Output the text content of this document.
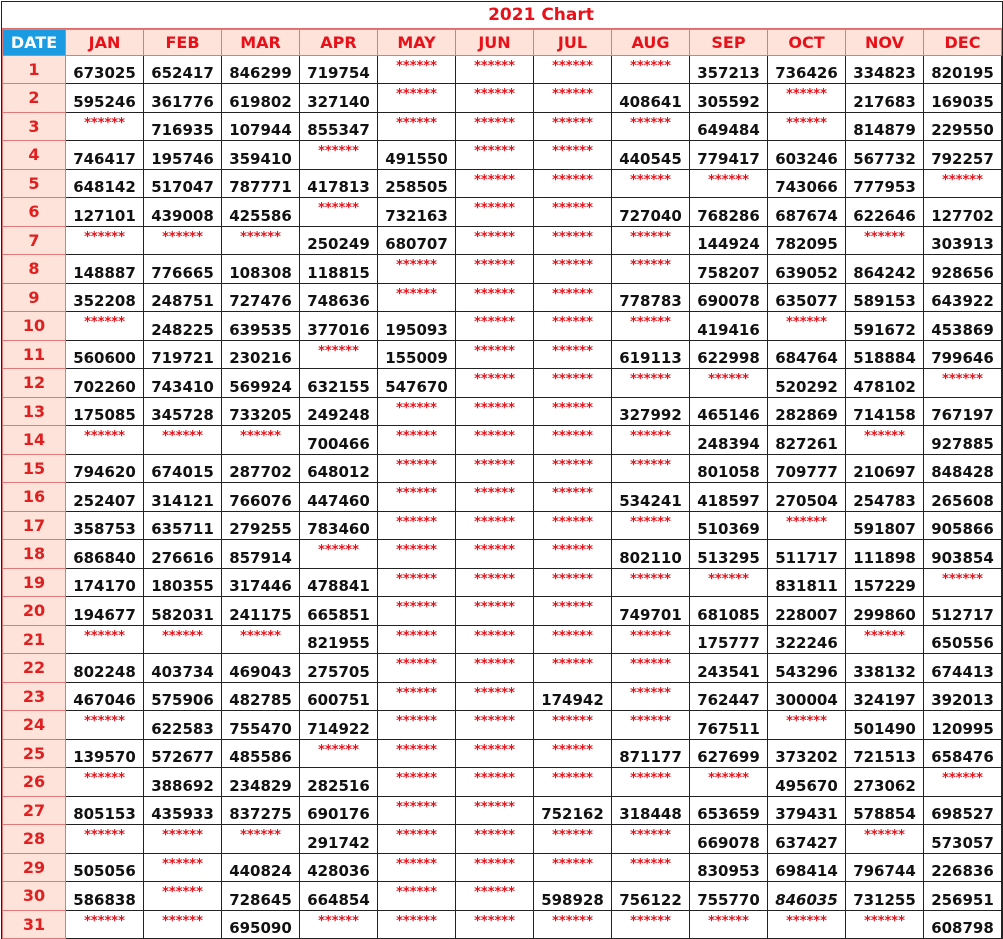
2021 Chart
DATE	JAN	FEB	MAR	APR	MAY	JUN	JUL	AUG	SEP	OCT	NOV	DEC
1	673025	652417	846299	719754	******	******	******	******	357213	736426	334823	820195
2	595246	361776	619802	327140	******	******	******	408641	305592	******	217683	169035
3	******	716935	107944	855347	******	******	******	******	649484	******	814879	229550
4	746417	195746	359410	******	491550	******	******	440545	779417	603246	567732	792257
5	648142	517047	787771	417813	258505	******	******	******	******	743066	777953	******
6	127101	439008	425586	******	732163	******	******	727040	768286	687674	622646	127702
7	******	******	******	250249	680707	******	******	******	144924	782095	******	303913
8	148887	776665	108308	118815	******	******	******	******	758207	639052	864242	928656
9	352208	248751	727476	748636	******	******	******	778783	690078	635077	589153	643922
10	******	248225	639535	377016	195093	******	******	******	419416	******	591672	453869
11	560600	719721	230216	******	155009	******	******	619113	622998	684764	518884	799646
12	702260	743410	569924	632155	547670	******	******	******	******	520292	478102	******
13	175085	345728	733205	249248	******	******	******	327992	465146	282869	714158	767197
14	******	******	******	700466	******	******	******	******	248394	827261	******	927885
15	794620	674015	287702	648012	******	******	******	******	801058	709777	210697	848428
16	252407	314121	766076	447460	******	******	******	534241	418597	270504	254783	265608
17	358753	635711	279255	783460	******	******	******	******	510369	******	591807	905866
18	686840	276616	857914	******	******	******	******	802110	513295	511717	111898	903854
19	174170	180355	317446	478841	******	******	******	******	******	831811	157229	******
20	194677	582031	241175	665851	******	******	******	749701	681085	228007	299860	512717
21	******	******	******	821955	******	******	******	******	175777	322246	******	650556
22	802248	403734	469043	275705	******	******	******	******	243541	543296	338132	674413
23	467046	575906	482785	600751	******	******	174942	******	762447	300004	324197	392013
24	******	622583	755470	714922	******	******	******	******	767511	******	501490	120995
25	139570	572677	485586	******	******	******	******	871177	627699	373202	721513	658476
26	******	388692	234829	282516	******	******	******	******	******	495670	273062	******
27	805153	435933	837275	690176	******	******	752162	318448	653659	379431	578854	698527
28	******	******	******	291742	******	******	******	******	669078	637427	******	573057
29	505056	******	440824	428036	******	******	******	******	830953	698414	796744	226836
30	586838	******	728645	664854	******	******	598928	756122	755770	846035	731255	256951
31	******	******	695090	******	******	******	******	******	******	******	******	608798
